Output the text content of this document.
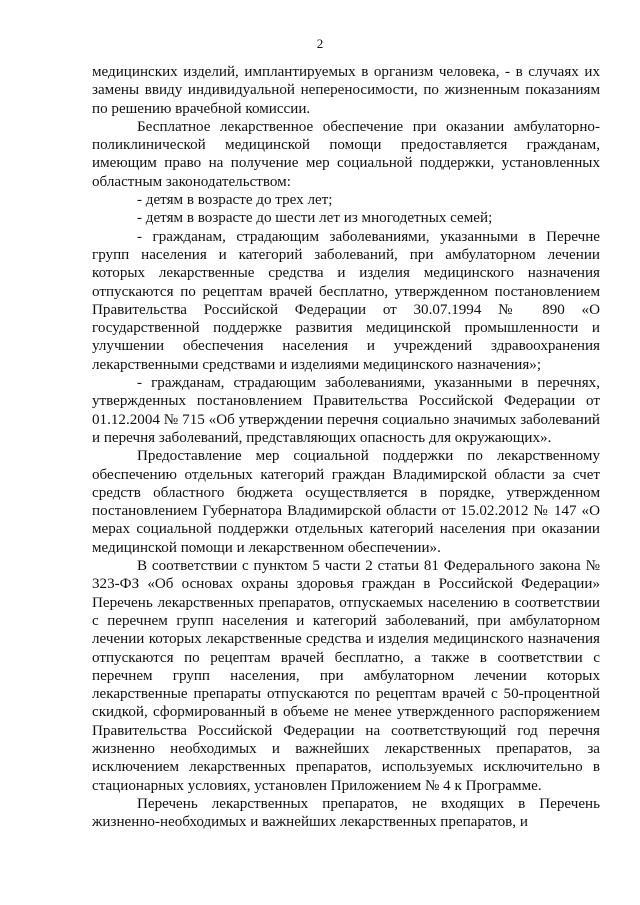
2

медицинских изделий, имплантируемых в организм человека, - в случаях их замены ввиду индивидуальной непереносимости, по жизненным показаниям по решению врачебной комиссии.

Бесплатное лекарственное обеспечение при оказании амбулаторно-поликлинической медицинской помощи предоставляется гражданам, имеющим право на получение мер социальной поддержки, установленных областным законодательством:

- детям в возрасте до трех лет;

- детям в возрасте до шести лет из многодетных семей;

- гражданам, страдающим заболеваниями, указанными в Перечне групп населения и категорий заболеваний, при амбулаторном лечении которых лекарственные средства и изделия медицинского назначения отпускаются по рецептам врачей бесплатно, утвержденном постановлением Правительства Российской Федерации от 30.07.1994 № 890 «О государственной поддержке развития медицинской промышленности и улучшении обеспечения населения и учреждений здравоохранения лекарственными средствами и изделиями медицинского назначения»;

- гражданам, страдающим заболеваниями, указанными в перечнях, утвержденных постановлением Правительства Российской Федерации от 01.12.2004 № 715 «Об утверждении перечня социально значимых заболеваний и перечня заболеваний, представляющих опасность для окружающих».

Предоставление мер социальной поддержки по лекарственному обеспечению отдельных категорий граждан Владимирской области за счет средств областного бюджета осуществляется в порядке, утвержденном постановлением Губернатора Владимирской области от 15.02.2012 № 147 «О мерах социальной поддержки отдельных категорий населения при оказании медицинской помощи и лекарственном обеспечении».

В соответствии с пунктом 5 части 2 статьи 81 Федерального закона № 323-ФЗ «Об основах охраны здоровья граждан в Российской Федерации» Перечень лекарственных препаратов, отпускаемых населению в соответствии с перечнем групп населения и категорий заболеваний, при амбулаторном лечении которых лекарственные средства и изделия медицинского назначения отпускаются по рецептам врачей бесплатно, а также в соответствии с перечнем групп населения, при амбулаторном лечении которых лекарственные препараты отпускаются по рецептам врачей с 50-процентной скидкой, сформированный в объеме не менее утвержденного распоряжением Правительства Российской Федерации на соответствующий год перечня жизненно необходимых и важнейших лекарственных препаратов, за исключением лекарственных препаратов, используемых исключительно в стационарных условиях, установлен Приложением № 4 к Программе.

Перечень лекарственных препаратов, не входящих в Перечень жизненно-необходимых и важнейших лекарственных препаратов, и
